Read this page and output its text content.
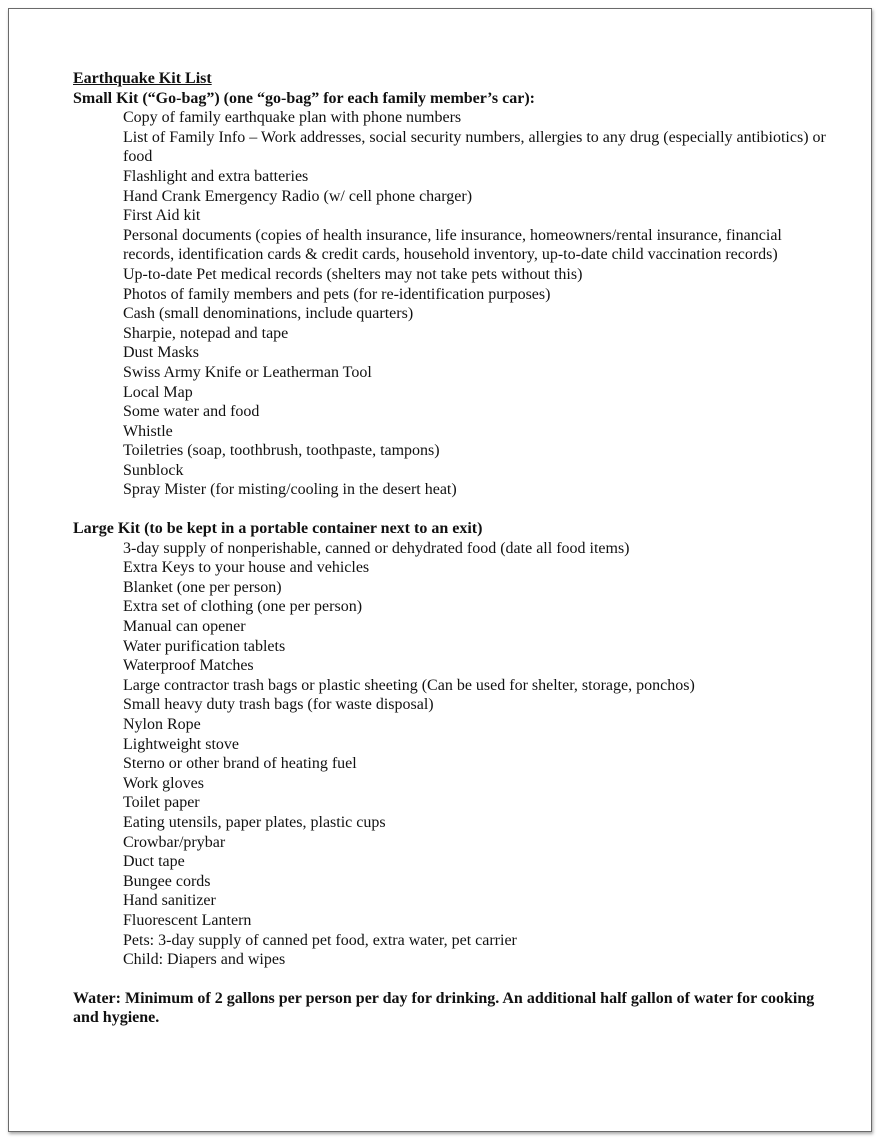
Earthquake Kit List
Small Kit (“Go-bag”) (one “go-bag” for each family member’s car):
Copy of family earthquake plan with phone numbers
List of Family Info – Work addresses, social security numbers, allergies to any drug (especially antibiotics) or food
Flashlight and extra batteries
Hand Crank Emergency Radio (w/ cell phone charger)
First Aid kit
Personal documents (copies of health insurance, life insurance, homeowners/rental insurance, financial records, identification cards & credit cards, household inventory, up-to-date child vaccination records)
Up-to-date Pet medical records (shelters may not take pets without this)
Photos of family members and pets (for re-identification purposes)
Cash (small denominations, include quarters)
Sharpie, notepad and tape
Dust Masks
Swiss Army Knife or Leatherman Tool
Local Map
Some water and food
Whistle
Toiletries (soap, toothbrush, toothpaste, tampons)
Sunblock
Spray Mister (for misting/cooling in the desert heat)
Large Kit (to be kept in a portable container next to an exit)
3-day supply of nonperishable, canned or dehydrated food (date all food items)
Extra Keys to your house and vehicles
Blanket (one per person)
Extra set of clothing (one per person)
Manual can opener
Water purification tablets
Waterproof Matches
Large contractor trash bags or plastic sheeting (Can be used for shelter, storage, ponchos)
Small heavy duty trash bags (for waste disposal)
Nylon Rope
Lightweight stove
Sterno or other brand of heating fuel
Work gloves
Toilet paper
Eating utensils, paper plates, plastic cups
Crowbar/prybar
Duct tape
Bungee cords
Hand sanitizer
Fluorescent Lantern
Pets: 3-day supply of canned pet food, extra water, pet carrier
Child: Diapers and wipes
Water: Minimum of 2 gallons per person per day for drinking. An additional half gallon of water for cooking and hygiene.
